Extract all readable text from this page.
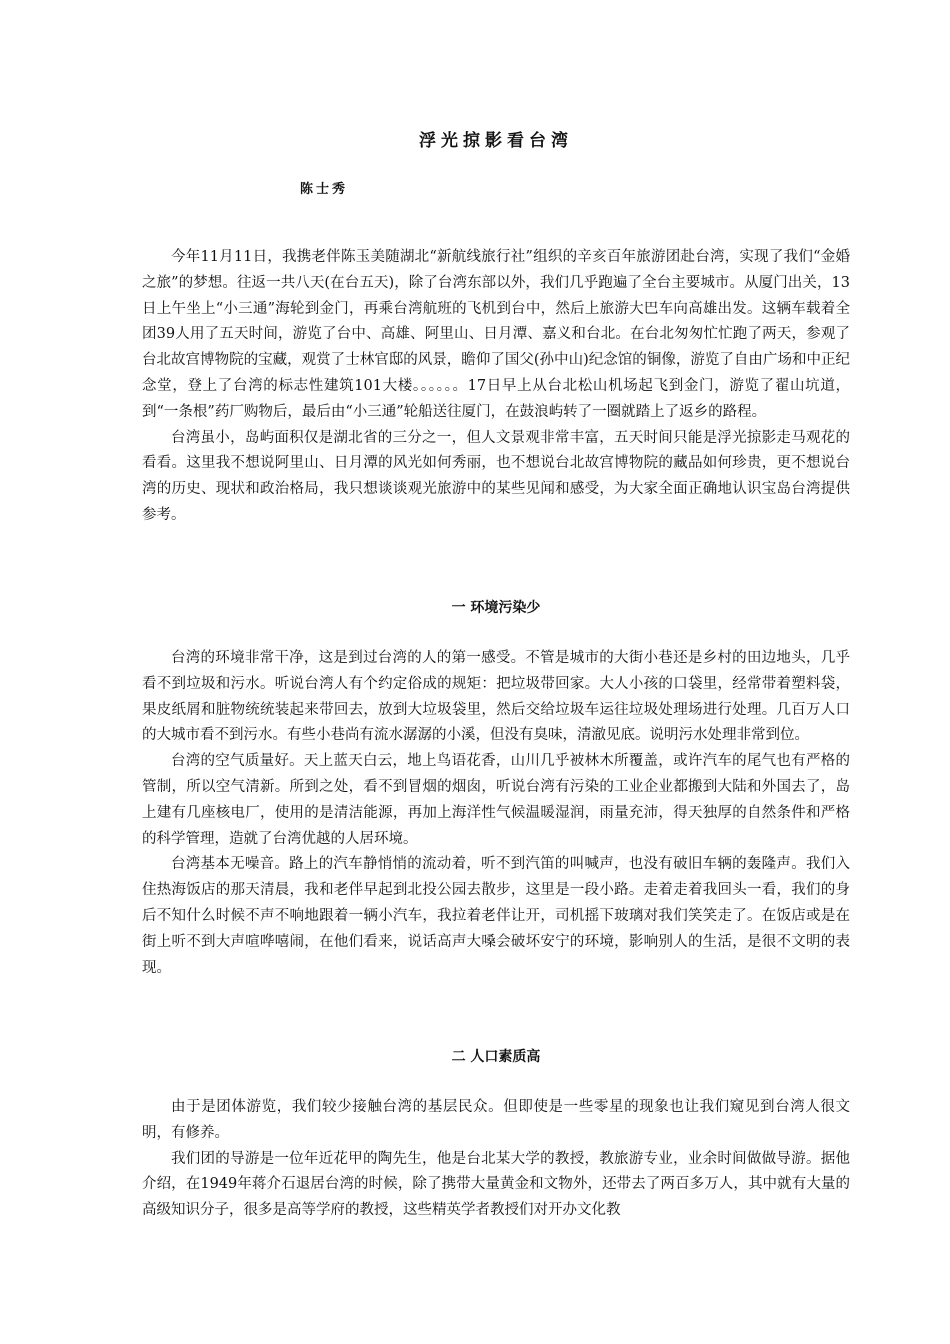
浮光掠影看台湾
陈士秀

今年11月11日，我携老伴陈玉美随湖北“新航线旅行社”组织的辛亥百年旅游团赴台湾，实现了我们“金婚之旅”的梦想。往返一共八天(在台五天)，除了台湾东部以外，我们几乎跑遍了全台主要城市。从厦门出关，13日上午坐上“小三通”海轮到金门，再乘台湾航班的飞机到台中，然后上旅游大巴车向高雄出发。这辆车载着全团39人用了五天时间，游览了台中、高雄、阿里山、日月潭、嘉义和台北。在台北匆匆忙忙跑了两天，参观了台北故宫博物院的宝藏，观赏了士林官邸的风景，瞻仰了国父(孙中山)纪念馆的铜像，游览了自由广场和中正纪念堂，登上了台湾的标志性建筑101大楼。。。。。。17日早上从台北松山机场起飞到金门，游览了翟山坑道，到“一条根”药厂购物后，最后由“小三通”轮船送往厦门，在鼓浪屿转了一圈就踏上了返乡的路程。

台湾虽小，岛屿面积仅是湖北省的三分之一，但人文景观非常丰富，五天时间只能是浮光掠影走马观花的看看。这里我不想说阿里山、日月潭的风光如何秀丽，也不想说台北故宫博物院的藏品如何珍贵，更不想说台湾的历史、现状和政治格局，我只想谈谈观光旅游中的某些见闻和感受，为大家全面正确地认识宝岛台湾提供参考。

一 环境污染少

台湾的环境非常干净，这是到过台湾的人的第一感受。不管是城市的大街小巷还是乡村的田边地头，几乎看不到垃圾和污水。听说台湾人有个约定俗成的规矩：把垃圾带回家。大人小孩的口袋里，经常带着塑料袋，果皮纸屑和脏物统统装起来带回去，放到大垃圾袋里，然后交给垃圾车运往垃圾处理场进行处理。几百万人口的大城市看不到污水。有些小巷尚有流水潺潺的小溪，但没有臭味，清澈见底。说明污水处理非常到位。

台湾的空气质量好。天上蓝天白云，地上鸟语花香，山川几乎被林木所覆盖，或许汽车的尾气也有严格的管制，所以空气清新。所到之处，看不到冒烟的烟囱，听说台湾有污染的工业企业都搬到大陆和外国去了，岛上建有几座核电厂，使用的是清洁能源，再加上海洋性气候温暖湿润，雨量充沛，得天独厚的自然条件和严格的科学管理，造就了台湾优越的人居环境。

台湾基本无噪音。路上的汽车静悄悄的流动着，听不到汽笛的叫喊声，也没有破旧车辆的轰隆声。我们入住热海饭店的那天清晨，我和老伴早起到北投公园去散步，这里是一段小路。走着走着我回头一看，我们的身后不知什么时候不声不响地跟着一辆小汽车，我拉着老伴让开，司机摇下玻璃对我们笑笑走了。在饭店或是在街上听不到大声喧哗嘻闹，在他们看来，说话高声大嗓会破坏安宁的环境，影响别人的生活，是很不文明的表现。

二 人口素质高

由于是团体游览，我们较少接触台湾的基层民众。但即使是一些零星的现象也让我们窥见到台湾人很文明，有修养。

我们团的导游是一位年近花甲的陶先生，他是台北某大学的教授，教旅游专业，业余时间做做导游。据他介绍，在1949年蒋介石退居台湾的时候，除了携带大量黄金和文物外，还带去了两百多万人，其中就有大量的高级知识分子，很多是高等学府的教授，这些精英学者教授们对开办文化教
